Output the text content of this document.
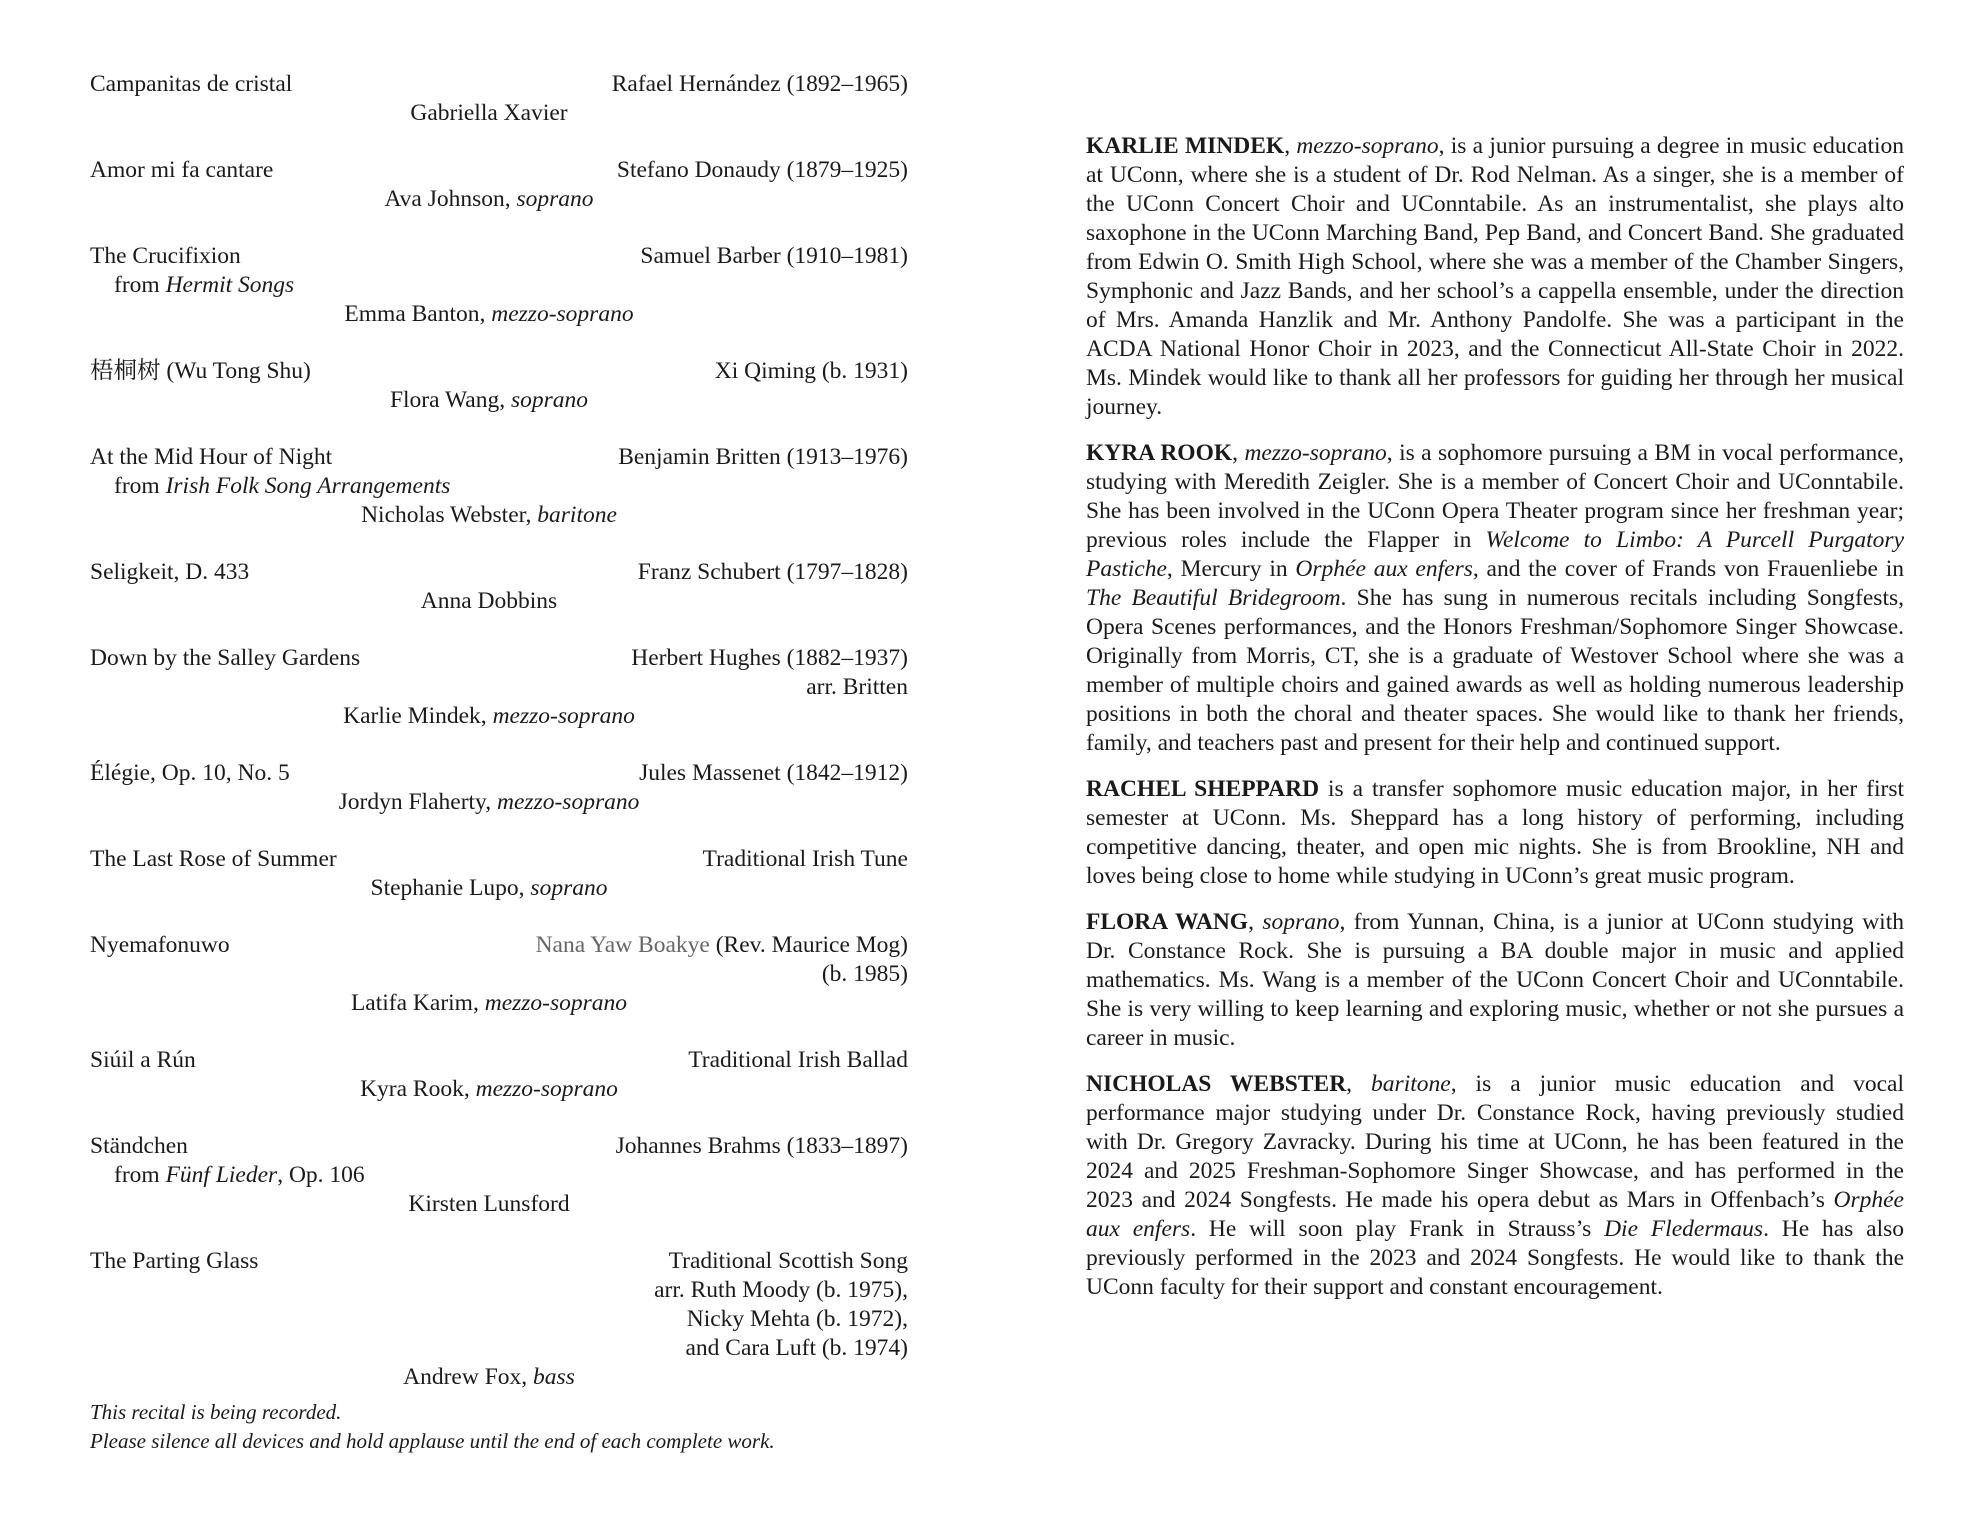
Campanitas de cristal	Rafael Hernández (1892–1965)
Gabriella Xavier
Amor mi fa cantare	Stefano Donaudy (1879–1925)
Ava Johnson, soprano
The Crucifixion	Samuel Barber (1910–1981)
from Hermit Songs
Emma Banton, mezzo-soprano
梧桐树 (Wu Tong Shu)	Xi Qiming (b. 1931)
Flora Wang, soprano
At the Mid Hour of Night	Benjamin Britten (1913–1976)
from Irish Folk Song Arrangements
Nicholas Webster, baritone
Seligkeit, D. 433	Franz Schubert (1797–1828)
Anna Dobbins
Down by the Salley Gardens	Herbert Hughes (1882–1937)
arr. Britten
Karlie Mindek, mezzo-soprano
Élégie, Op. 10, No. 5	Jules Massenet (1842–1912)
Jordyn Flaherty, mezzo-soprano
The Last Rose of Summer	Traditional Irish Tune
Stephanie Lupo, soprano
Nyemafonuwo	Nana Yaw Boakye (Rev. Maurice Mog)
(b. 1985)
Latifa Karim, mezzo-soprano
Siúil a Rún	Traditional Irish Ballad
Kyra Rook, mezzo-soprano
Ständchen	Johannes Brahms (1833–1897)
from Fünf Lieder, Op. 106
Kirsten Lunsford
The Parting Glass	Traditional Scottish Song
arr. Ruth Moody (b. 1975),
Nicky Mehta (b. 1972),
and Cara Luft (b. 1974)
Andrew Fox, bass
This recital is being recorded.
Please silence all devices and hold applause until the end of each complete work.

KARLIE MINDEK, mezzo-soprano, is a junior pursuing a degree in music education at UConn, where she is a student of Dr. Rod Nelman. As a singer, she is a member of the UConn Concert Choir and UConntabile. As an instrumentalist, she plays alto saxophone in the UConn Marching Band, Pep Band, and Concert Band. She graduated from Edwin O. Smith High School, where she was a member of the Chamber Singers, Symphonic and Jazz Bands, and her school’s a cappella ensemble, under the direction of Mrs. Amanda Hanzlik and Mr. Anthony Pandolfe. She was a participant in the ACDA National Honor Choir in 2023, and the Connecticut All-State Choir in 2022. Ms. Mindek would like to thank all her professors for guiding her through her musical journey.

KYRA ROOK, mezzo-soprano, is a sophomore pursuing a BM in vocal performance, studying with Meredith Zeigler. She is a member of Concert Choir and UConntabile. She has been involved in the UConn Opera Theater program since her freshman year; previous roles include the Flapper in Welcome to Limbo: A Purcell Purgatory Pastiche, Mercury in Orphée aux enfers, and the cover of Frands von Frauenliebe in The Beautiful Bridegroom. She has sung in numerous recitals including Songfests, Opera Scenes performances, and the Honors Freshman/Sophomore Singer Showcase. Originally from Morris, CT, she is a graduate of Westover School where she was a member of multiple choirs and gained awards as well as holding numerous leadership positions in both the choral and theater spaces. She would like to thank her friends, family, and teachers past and present for their help and continued support.

RACHEL SHEPPARD is a transfer sophomore music education major, in her first semester at UConn. Ms. Sheppard has a long history of performing, including competitive dancing, theater, and open mic nights. She is from Brookline, NH and loves being close to home while studying in UConn’s great music program.

FLORA WANG, soprano, from Yunnan, China, is a junior at UConn studying with Dr. Constance Rock. She is pursuing a BA double major in music and applied mathematics. Ms. Wang is a member of the UConn Concert Choir and UConntabile. She is very willing to keep learning and exploring music, whether or not she pursues a career in music.

NICHOLAS WEBSTER, baritone, is a junior music education and vocal performance major studying under Dr. Constance Rock, having previously studied with Dr. Gregory Zavracky. During his time at UConn, he has been featured in the 2024 and 2025 Freshman-Sophomore Singer Showcase, and has performed in the 2023 and 2024 Songfests. He made his opera debut as Mars in Offenbach’s Orphée aux enfers. He will soon play Frank in Strauss’s Die Fledermaus. He has also previously performed in the 2023 and 2024 Songfests. He would like to thank the UConn faculty for their support and constant encouragement.
